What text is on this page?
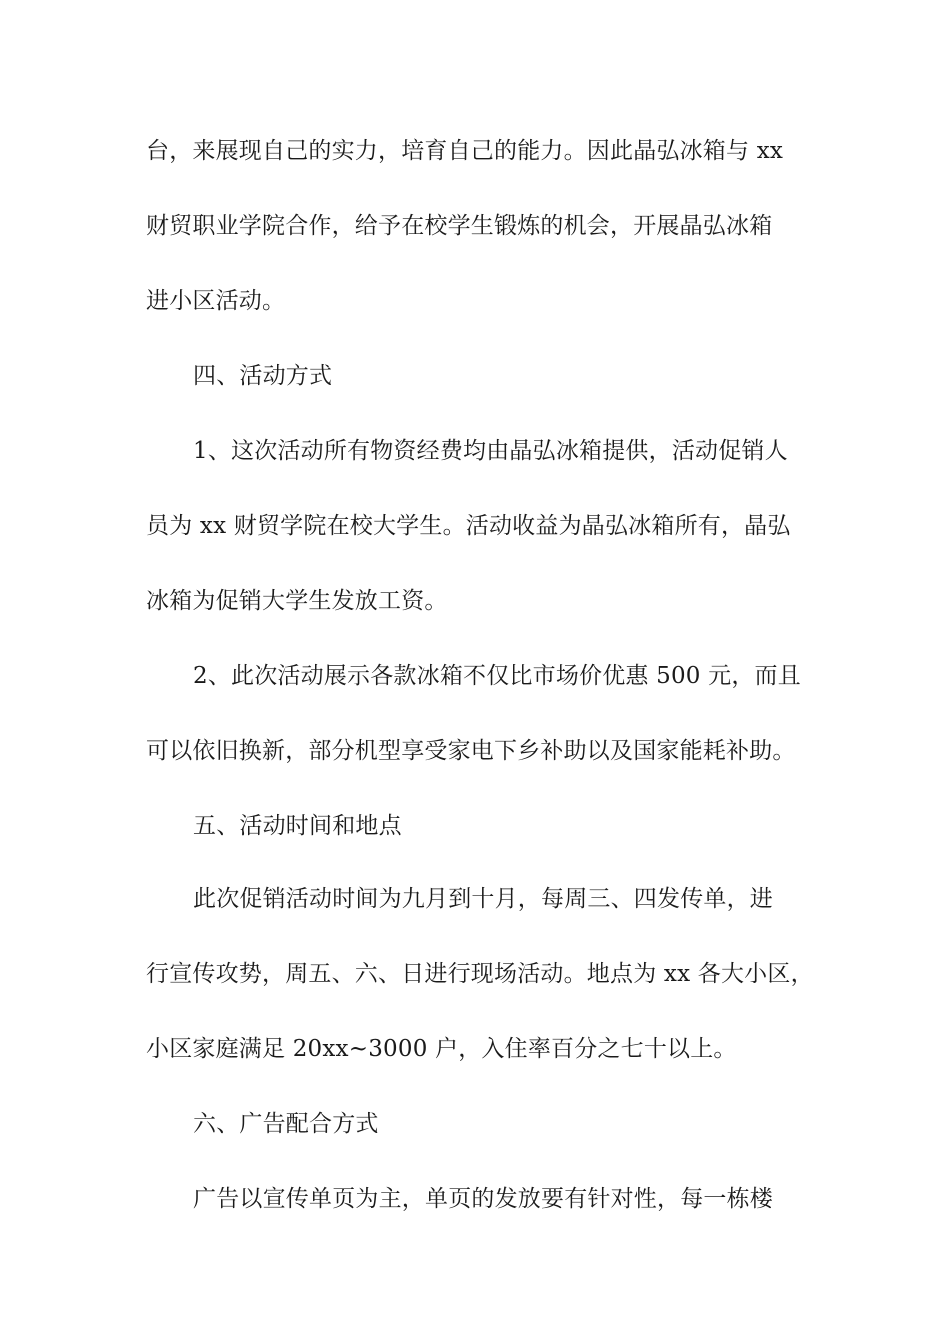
台，来展现自己的实力，培育自己的能力。因此晶弘冰箱与 xx
财贸职业学院合作，给予在校学生锻炼的机会，开展晶弘冰箱
进小区活动。
四、活动方式
1、这次活动所有物资经费均由晶弘冰箱提供，活动促销人
员为 xx 财贸学院在校大学生。活动收益为晶弘冰箱所有，晶弘
冰箱为促销大学生发放工资。
2、此次活动展示各款冰箱不仅比市场价优惠 500 元，而且
可以依旧换新，部分机型享受家电下乡补助以及国家能耗补助。
五、活动时间和地点
此次促销活动时间为九月到十月，每周三、四发传单，进
行宣传攻势，周五、六、日进行现场活动。地点为 xx 各大小区，
小区家庭满足 20xx~3000 户，入住率百分之七十以上。
六、广告配合方式
广告以宣传单页为主，单页的发放要有针对性，每一栋楼
